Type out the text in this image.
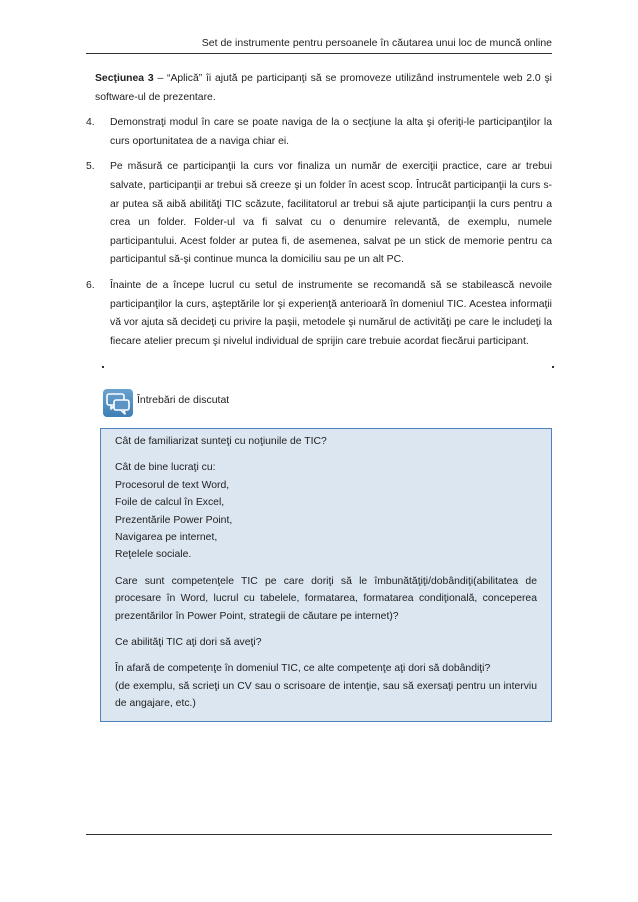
Set de instrumente pentru persoanele în căutarea unui loc de muncă online

Secţiunea 3 – “Aplică” îi ajută pe participanţi să se promoveze utilizând instrumentele web 2.0 şi software-ul de prezentare.

4. Demonstraţi modul în care se poate naviga de la o secţiune la alta şi oferiţi-le participanţilor la curs oportunitatea de a naviga chiar ei.
5. Pe măsură ce participanţii la curs vor finaliza un număr de exerciţii practice, care ar trebui salvate, participanţii ar trebui să creeze şi un folder în acest scop. Întrucât participanţii la curs s-ar putea să aibă abilităţi TIC scăzute, facilitatorul ar trebui să ajute participanţii la curs pentru a crea un folder. Folder-ul va fi salvat cu o denumire relevantă, de exemplu, numele participantului. Acest folder ar putea fi, de asemenea, salvat pe un stick de memorie pentru ca participantul să-şi continue munca la domiciliu sau pe un alt PC.
6. Înainte de a începe lucrul cu setul de instrumente se recomandă să se stabilească nevoile participanţilor la curs, aşteptările lor şi experienţă anterioară în domeniul TIC. Acestea informaţii vă vor ajuta să decideţi cu privire la paşii, metodele şi numărul de activităţi pe care le includeţi la fiecare atelier precum şi nivelul individual de sprijin care trebuie acordat fiecărui participant.
Întrebări de discutat
Cât de familiarizat sunteţi cu noţiunile de TIC?
Cât de bine lucraţi cu:
Procesorul de text Word,
Foile de calcul în Excel,
Prezentările Power Point,
Navigarea pe internet,
Reţelele sociale.
Care sunt competenţele TIC pe care doriţi să le îmbunătăţiţi/dobândiţi(abilitatea de procesare în Word, lucrul cu tabelele, formatarea, formatarea condiţională, conceperea prezentărilor în Power Point, strategii de căutare pe internet)?
Ce abilităţi TIC aţi dori să aveţi?
În afară de competenţe în domeniul TIC, ce alte competenţe aţi dori să dobândiţi?
(de exemplu, să scrieţi un CV sau o scrisoare de intenţie, sau să exersaţi pentru un interviu de angajare, etc.)
